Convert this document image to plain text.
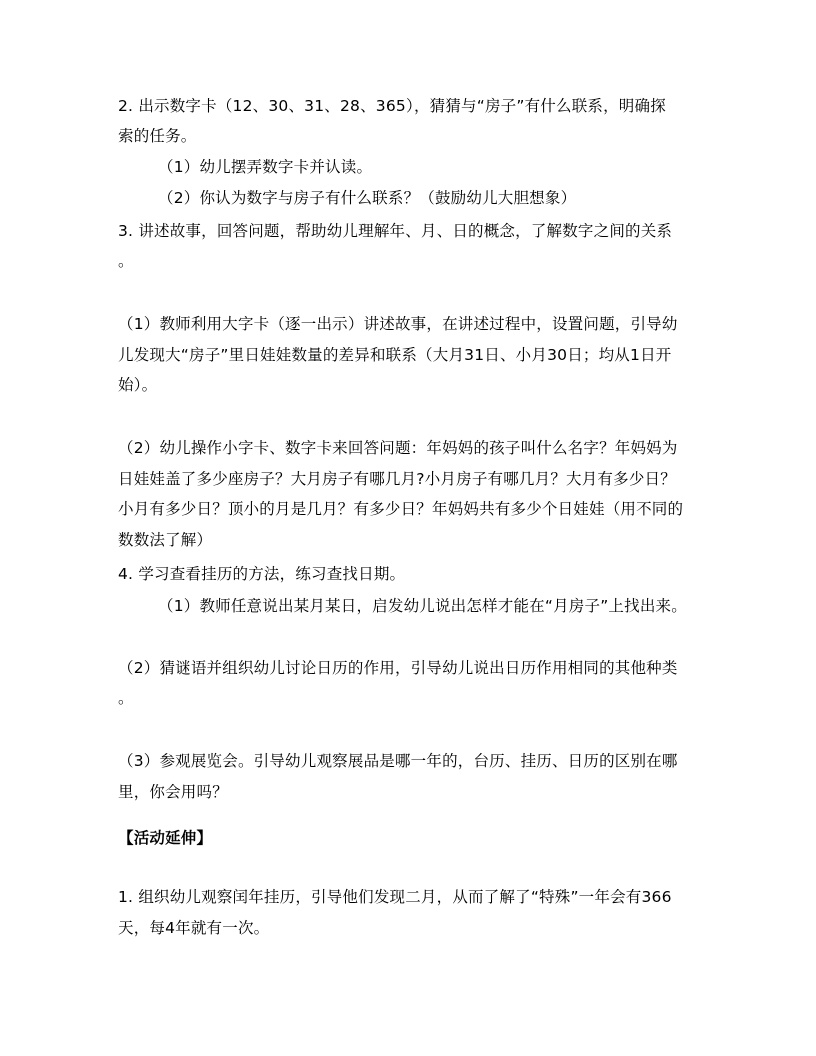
2. 出示数字卡（12、30、31、28、365），猜猜与“房子”有什么联系，明确探
索的任务。
（1）幼儿摆弄数字卡并认读。
（2）你认为数字与房子有什么联系？（鼓励幼儿大胆想象）
3. 讲述故事，回答问题，帮助幼儿理解年、月、日的概念，了解数字之间的关系
。
（1）教师利用大字卡（逐一出示）讲述故事，在讲述过程中，设置问题，引导幼
儿发现大“房子”里日娃娃数量的差异和联系（大月31日、小月30日；均从1日开
始）。
（2）幼儿操作小字卡、数字卡来回答问题：年妈妈的孩子叫什么名字？年妈妈为
日娃娃盖了多少座房子？大月房子有哪几月?小月房子有哪几月？大月有多少日？
小月有多少日？顶小的月是几月？有多少日？年妈妈共有多少个日娃娃（用不同的
数数法了解）
4. 学习查看挂历的方法，练习查找日期。
（1）教师任意说出某月某日，启发幼儿说出怎样才能在“月房子”上找出来。
（2）猜谜语并组织幼儿讨论日历的作用，引导幼儿说出日历作用相同的其他种类
。
（3）参观展览会。引导幼儿观察展品是哪一年的，台历、挂历、日历的区别在哪
里，你会用吗？
【活动延伸】
1. 组织幼儿观察闰年挂历，引导他们发现二月，从而了解了“特殊”一年会有366
天，每4年就有一次。
